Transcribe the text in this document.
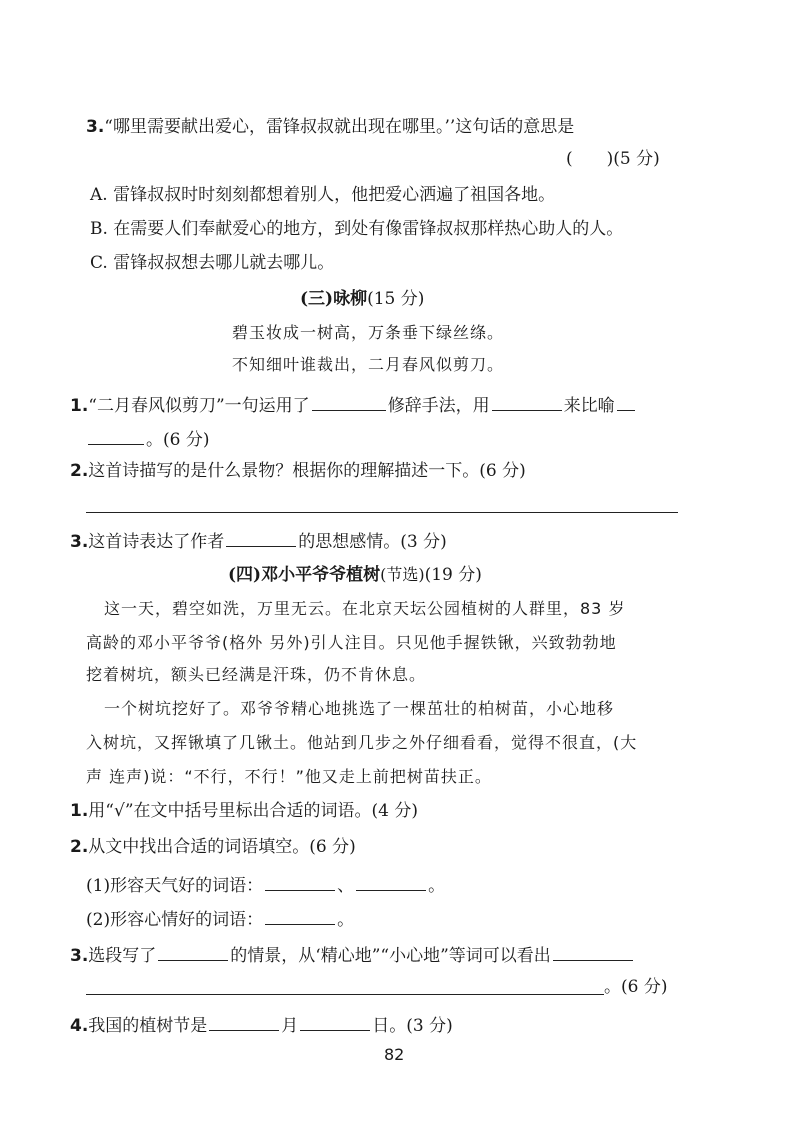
3.“哪里需要献出爱心，雷锋叔叔就出现在哪里。’’这句话的意思是
( )(5 分)
A. 雷锋叔叔时时刻刻都想着别人，他把爱心洒遍了祖国各地。
B. 在需要人们奉献爱心的地方，到处有像雷锋叔叔那样热心助人的人。
C. 雷锋叔叔想去哪儿就去哪儿。
(三)咏柳(15 分)
碧玉妆成一树高，万条垂下绿丝绦。
不知细叶谁裁出，二月春风似剪刀。
1.“二月春风似剪刀”一句运用了	修辞手法，用	来比喻
。(6 分)
2.这首诗描写的是什么景物？根据你的理解描述一下。(6 分)
3.这首诗表达了作者	的思想感情。(3 分)
(四)邓小平爷爷植树(节选)(19 分)
这一天，碧空如洗，万里无云。在北京天坛公园植树的人群里，83 岁
高龄的邓小平爷爷(格外 另外)引人注目。只见他手握铁锹，兴致勃勃地
挖着树坑，额头已经满是汗珠，仍不肯休息。
一个树坑挖好了。邓爷爷精心地挑选了一棵茁壮的柏树苗，小心地移
入树坑，又挥锹填了几锹土。他站到几步之外仔细看看，觉得不很直，(大
声 连声)说：“不行，不行！”他又走上前把树苗扶正。
1.用“√”在文中括号里标出合适的词语。(4 分)
2.从文中找出合适的词语填空。(6 分)
(1)形容天气好的词语：	、	。
(2)形容心情好的词语：	。
3.选段写了	的情景，从‘精心地”“小心地”等词可以看出
。(6 分)
4.我国的植树节是	月	日。(3 分)
82
